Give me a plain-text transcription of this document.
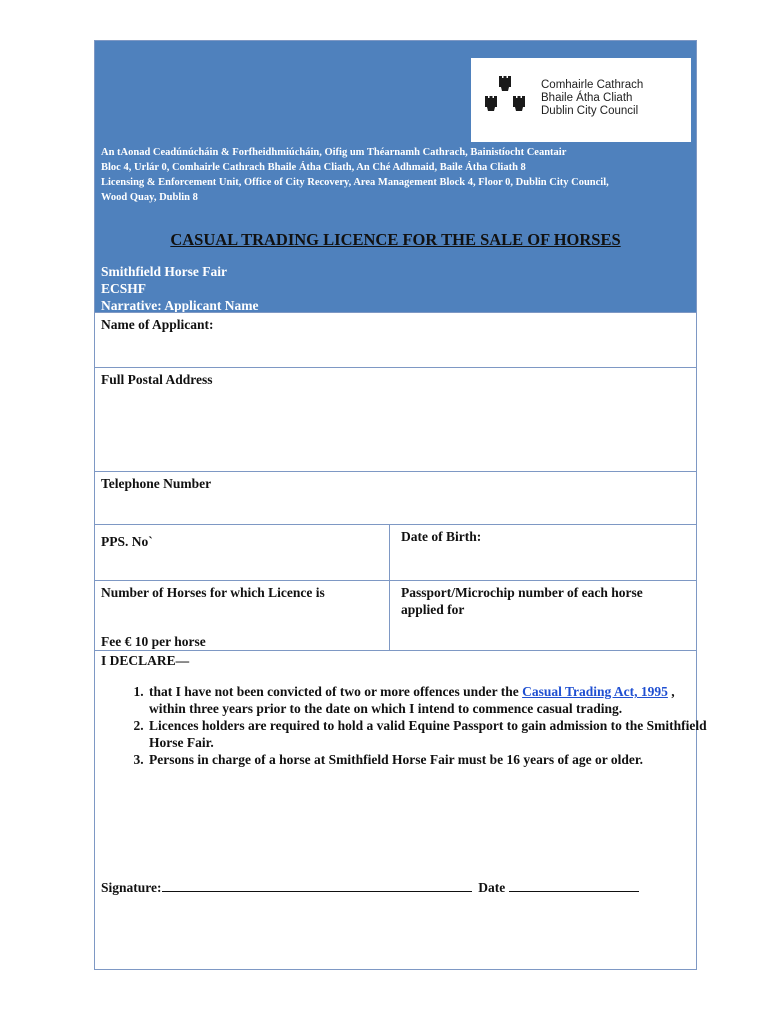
Comhairle Cathrach
Bhaile Átha Cliath
Dublin City Council
An tAonad Ceadúnúcháin & Forfheidhmiúcháin, Oifig um Théarnamh Cathrach, Bainistíocht Ceantair
Bloc 4, Urlár 0, Comhairle Cathrach Bhaile Átha Cliath, An Ché Adhmaid, Baile Átha Cliath 8
Licensing & Enforcement Unit, Office of City Recovery, Area Management Block 4, Floor 0, Dublin City Council,
Wood Quay, Dublin 8
CASUAL TRADING LICENCE FOR THE SALE OF HORSES
Smithfield Horse Fair
ECSHF
Narrative: Applicant Name
Name of Applicant:
Full Postal Address
Telephone Number
PPS. No`	Date of Birth:
Number of Horses for which Licence is	Passport/Microchip number of each horse
applied for
Fee € 10 per horse
I DECLARE—
1. that I have not been convicted of two or more offences under the Casual Trading Act, 1995 , within three years prior to the date on which I intend to commence casual trading.
2. Licences holders are required to hold a valid Equine Passport to gain admission to the Smithfield Horse Fair.
3. Persons in charge of a horse at Smithfield Horse Fair must be 16 years of age or older.
Signature:	Date
